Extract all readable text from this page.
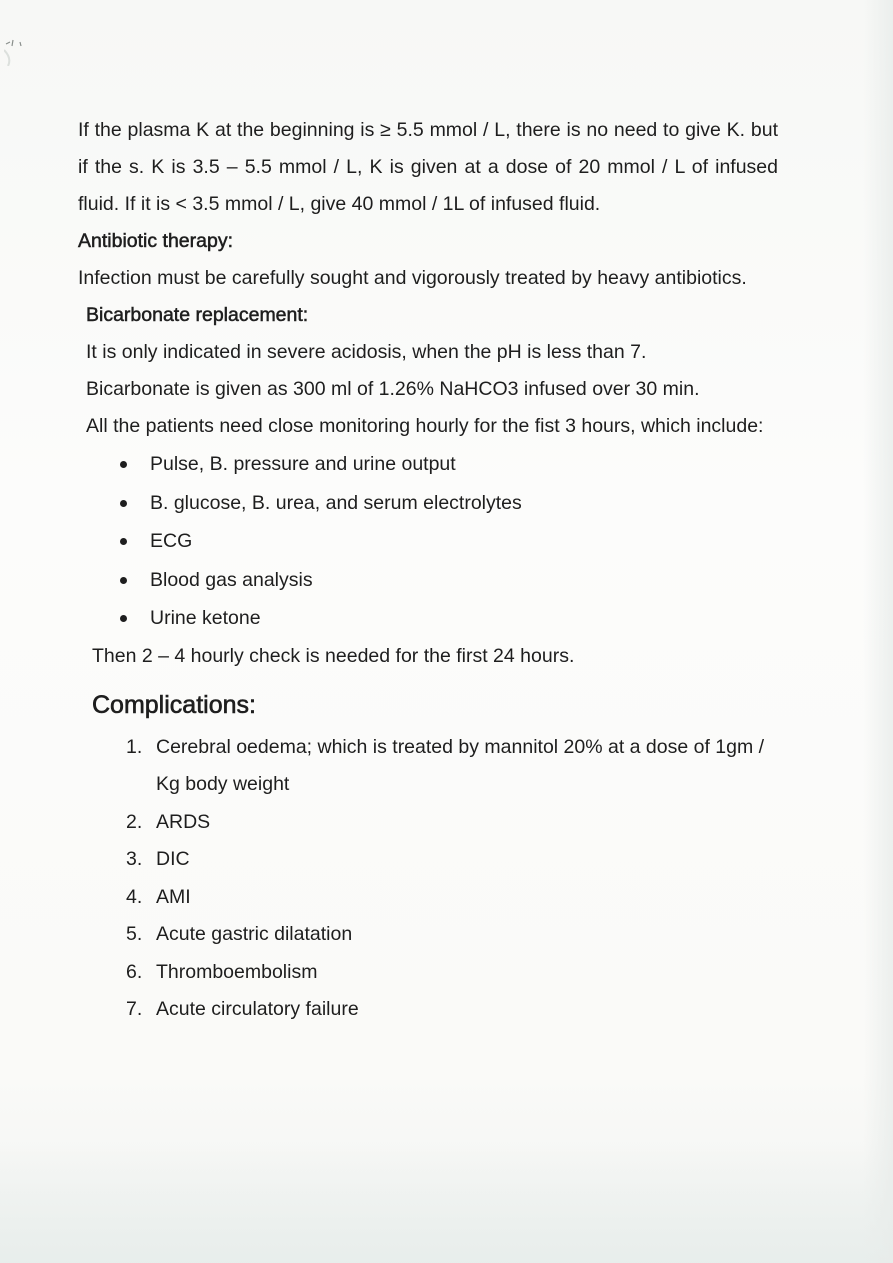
If the plasma K at the beginning is ≥ 5.5 mmol / L, there is no need to give K. but if the s. K is 3.5 – 5.5 mmol / L, K is given at a dose of 20 mmol / L of infused fluid. If it is < 3.5 mmol / L, give 40 mmol / 1L of infused fluid.

Antibiotic therapy:

Infection must be carefully sought and vigorously treated by heavy antibiotics.

Bicarbonate replacement:

It is only indicated in severe acidosis, when the pH is less than 7.

Bicarbonate is given as 300 ml of 1.26% NaHCO3 infused over 30 min.

All the patients need close monitoring hourly for the fist 3 hours, which include:

Pulse, B. pressure and urine output
B. glucose, B. urea, and serum electrolytes
ECG
Blood gas analysis
Urine ketone

Then 2 – 4 hourly check is needed for the first 24 hours.

Complications:
1. Cerebral oedema; which is treated by mannitol 20% at a dose of 1gm / Kg body weight
2. ARDS
3. DIC
4. AMI
5. Acute gastric dilatation
6. Thromboembolism
7. Acute circulatory failure
